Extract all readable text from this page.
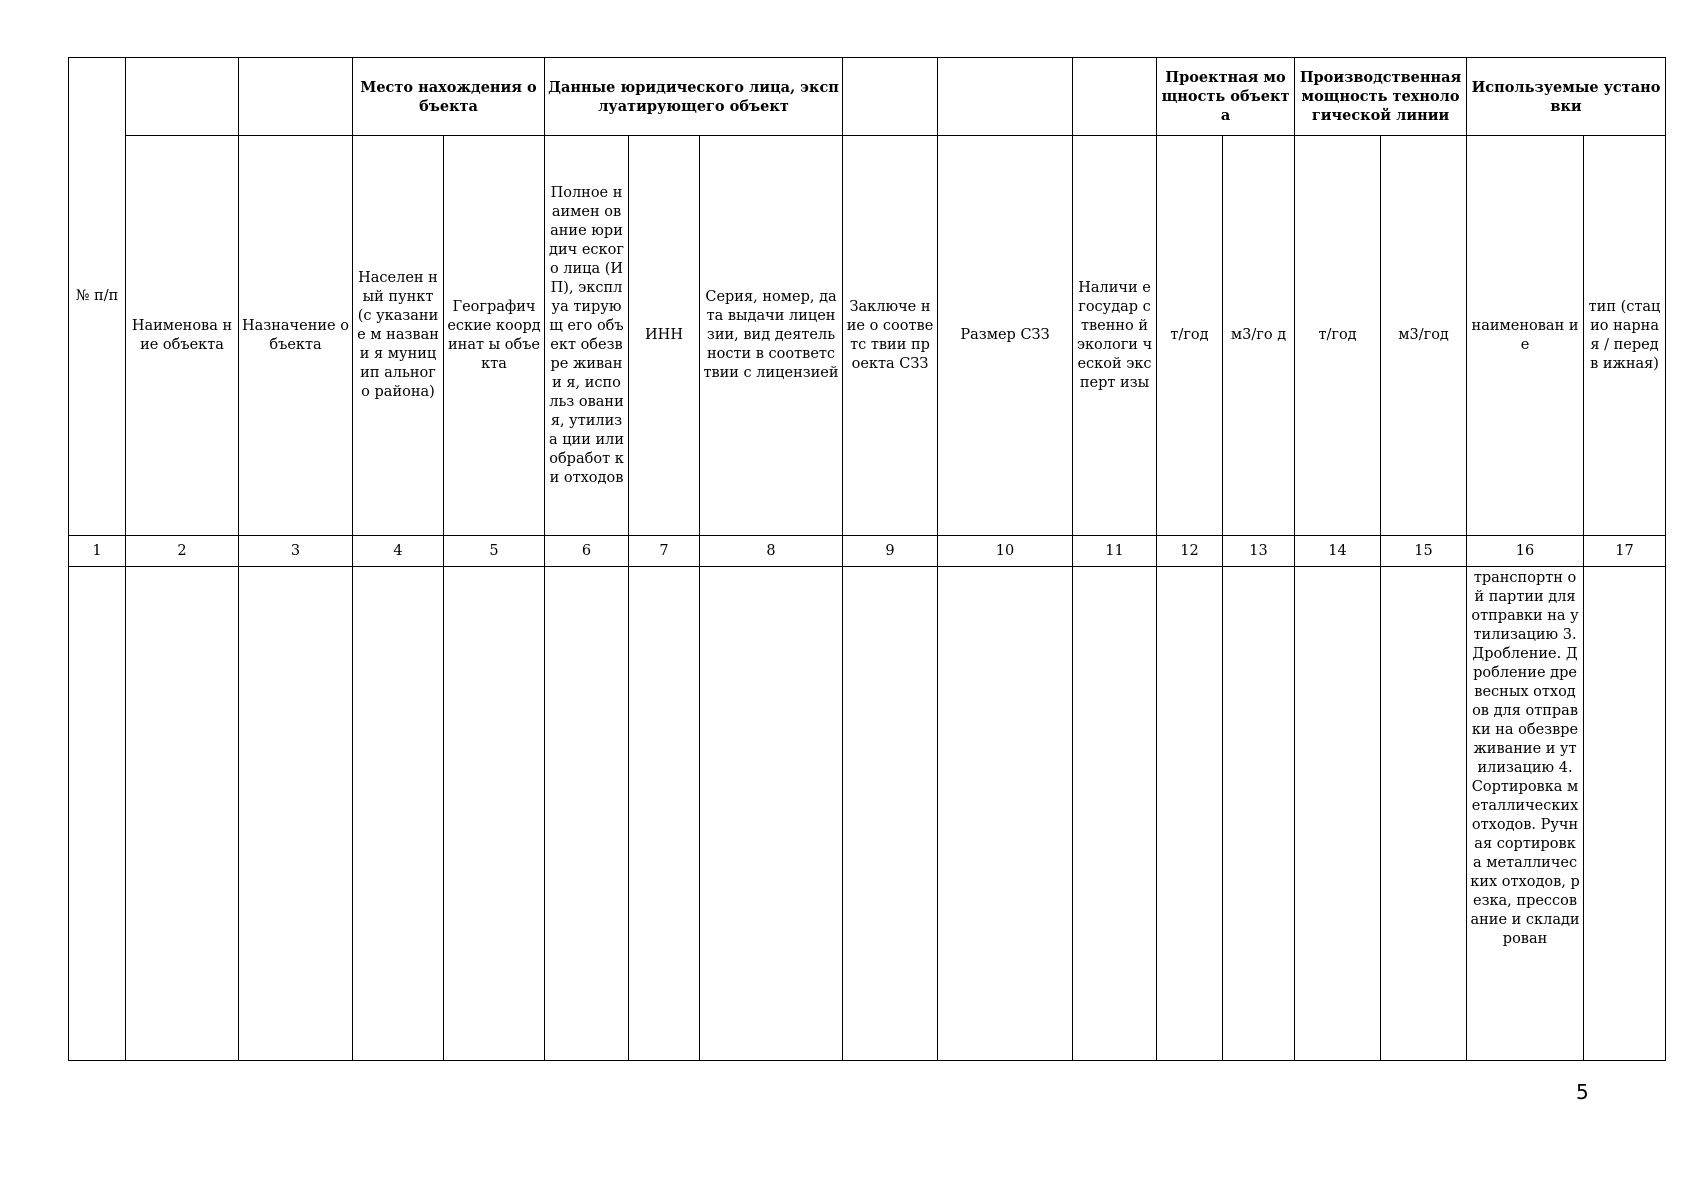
№ п/п			Место нахождения объекта		Данные юридического лица, эксплуатирующего объект						Проектная мощность объекта		Производственная мощность технологической линии		Используемые установки	
	Наименова ние объекта	Назначение объекта	Населен ный пункт (с указание м названи я муницип ального района)	Географич еские координат ы объекта	Полное наимен ование юридич еского лица (ИП), эксплуа тирующ его объект обезвре живани я, использ ования, утилиза ции или обработ ки отходов	ИНН	Серия, номер, дата выдачи лицензии, вид деятельности в соответствии с лицензией	Заключе ние о соответс твии проекта СЗЗ	Размер СЗЗ	Наличи е государ ственно й экологи ческой эксперт изы	т/год	м3/го д	т/год	м3/год	наименован ие	тип (стацио нарная / передв ижная)
1	2	3	4	5	6	7	8	9	10	11	12	13	14	15	16	17
															транспортн ой партии для отправки на утилизацию 3. Дробление. Дробление древесных отходов для отправки на обезвреживание и утилизацию 4. Сортировка металлических отходов. Ручная сортировка металлических отходов, резка, прессование и складирован	
5
